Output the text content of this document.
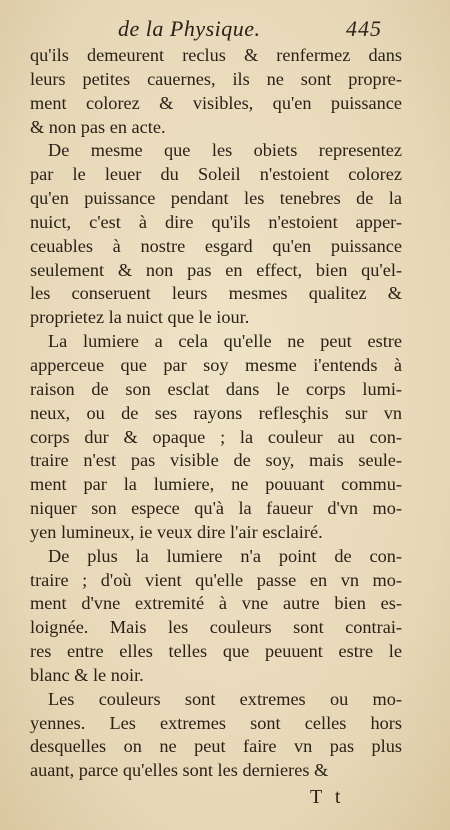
de la Physique.	445
qu'ils demeurent reclus & renfermez dans
leurs petites cauernes, ils ne sont propre-
ment colorez & visibles, qu'en puissance
& non pas en acte.
De mesme que les obiets representez
par le leuer du Soleil n'estoient colorez
qu'en puissance pendant les tenebres de la
nuict, c'est à dire qu'ils n'estoient apper-
ceuables à nostre esgard qu'en puissance
seulement & non pas en effect, bien qu'el-
les conseruent leurs mesmes qualitez &
proprietez la nuict que le iour.
La lumiere a cela qu'elle ne peut estre
apperceue que par soy mesme i'entends à
raison de son esclat dans le corps lumi-
neux, ou de ses rayons reflesçhis sur vn
corps dur & opaque ; la couleur au con-
traire n'est pas visible de soy, mais seule-
ment par la lumiere, ne pouuant commu-
niquer son espece qu'à la faueur d'vn mo-
yen lumineux, ie veux dire l'air esclairé.
De plus la lumiere n'a point de con-
traire ; d'où vient qu'elle passe en vn mo-
ment d'vne extremité à vne autre bien es-
loignée. Mais les couleurs sont contrai-
res entre elles telles que peuuent estre le
blanc & le noir.
Les couleurs sont extremes ou mo-
yennes. Les extremes sont celles hors
desquelles on ne peut faire vn pas plus
auant, parce qu'elles sont les dernieres &
T t
